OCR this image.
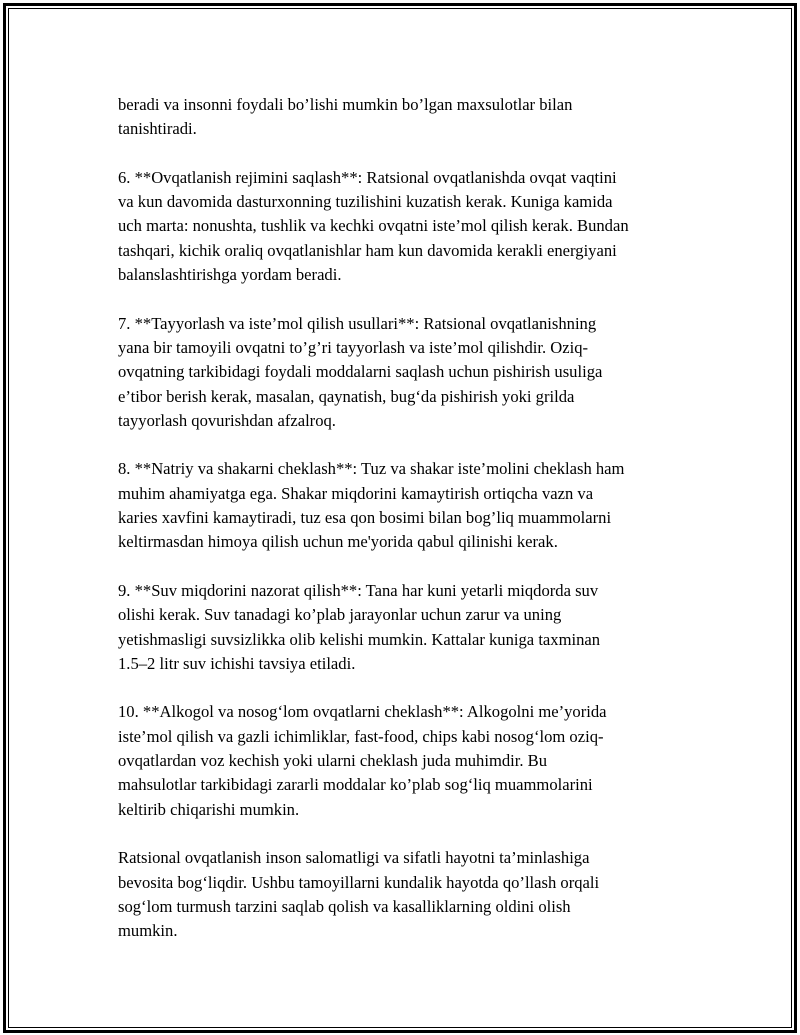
beradi va insonni foydali bo’lishi mumkin bo’lgan maxsulotlar bilan
tanishtiradi.

6. **Ovqatlanish rejimini saqlash**: Ratsional ovqatlanishda ovqat vaqtini
va kun davomida dasturxonning tuzilishini kuzatish kerak. Kuniga kamida
uch marta: nonushta, tushlik va kechki ovqatni iste’mol qilish kerak. Bundan
tashqari, kichik oraliq ovqatlanishlar ham kun davomida kerakli energiyani
balanslashtirishga yordam beradi.

7. **Tayyorlash va iste’mol qilish usullari**: Ratsional ovqatlanishning
yana bir tamoyili ovqatni to’g’ri tayyorlash va iste’mol qilishdir. Oziq-
ovqatning tarkibidagi foydali moddalarni saqlash uchun pishirish usuliga
e’tibor berish kerak, masalan, qaynatish, bug‘da pishirish yoki grilda
tayyorlash qovurishdan afzalroq.

8. **Natriy va shakarni cheklash**: Tuz va shakar iste’molini cheklash ham
muhim ahamiyatga ega. Shakar miqdorini kamaytirish ortiqcha vazn va
karies xavfini kamaytiradi, tuz esa qon bosimi bilan bog’liq muammolarni
keltirmasdan himoya qilish uchun me'yorida qabul qilinishi kerak.

9. **Suv miqdorini nazorat qilish**: Tana har kuni yetarli miqdorda suv
olishi kerak. Suv tanadagi ko’plab jarayonlar uchun zarur va uning
yetishmasligi suvsizlikka olib kelishi mumkin. Kattalar kuniga taxminan
1.5–2 litr suv ichishi tavsiya etiladi.

10. **Alkogol va nosog‘lom ovqatlarni cheklash**: Alkogolni me’yorida
iste’mol qilish va gazli ichimliklar, fast-food, chips kabi nosog‘lom oziq-
ovqatlardan voz kechish yoki ularni cheklash juda muhimdir. Bu
mahsulotlar tarkibidagi zararli moddalar ko’plab sog‘liq muammolarini
keltirib chiqarishi mumkin.

Ratsional ovqatlanish inson salomatligi va sifatli hayotni ta’minlashiga
bevosita bog‘liqdir. Ushbu tamoyillarni kundalik hayotda qo’llash orqali
sog‘lom turmush tarzini saqlab qolish va kasalliklarning oldini olish
mumkin.
